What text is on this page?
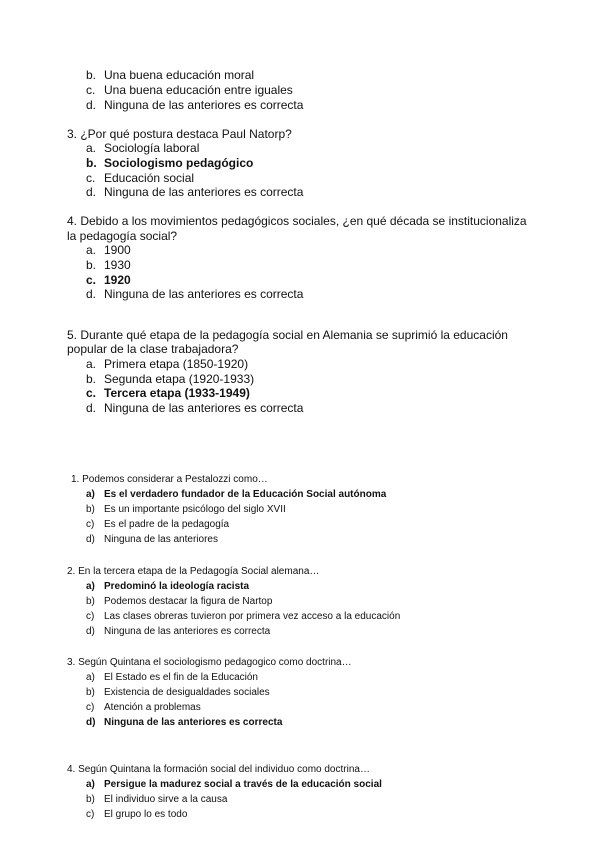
b. Una buena educación moral
c. Una buena educación entre iguales
d. Ninguna de las anteriores es correcta
3. ¿Por qué postura destaca Paul Natorp?
a. Sociología laboral
b. Sociologismo pedagógico
c. Educación social
d. Ninguna de las anteriores es correcta
4. Debido a los movimientos pedagógicos sociales, ¿en qué década se institucionaliza
la pedagogía social?
a. 1900
b. 1930
c. 1920
d. Ninguna de las anteriores es correcta
5. Durante qué etapa de la pedagogía social en Alemania se suprimió la educación
popular de la clase trabajadora?
a. Primera etapa (1850-1920)
b. Segunda etapa (1920-1933)
c. Tercera etapa (1933-1949)
d. Ninguna de las anteriores es correcta
1. Podemos considerar a Pestalozzi como…
a) Es el verdadero fundador de la Educación Social autónoma
b) Es un importante psicólogo del siglo XVII
c) Es el padre de la pedagogía
d) Ninguna de las anteriores
2. En la tercera etapa de la Pedagogía Social alemana…
a) Predominó la ideología racista
b) Podemos destacar la figura de Nartop
c) Las clases obreras tuvieron por primera vez acceso a la educación
d) Ninguna de las anteriores es correcta
3. Según Quintana el sociologismo pedagogico como doctrina…
a) El Estado es el fin de la Educación
b) Existencia de desigualdades sociales
c) Atención a problemas
d) Ninguna de las anteriores es correcta
4. Según Quintana la formación social del individuo como doctrina…
a) Persigue la madurez social a través de la educación social
b) El individuo sirve a la causa
c) El grupo lo es todo
